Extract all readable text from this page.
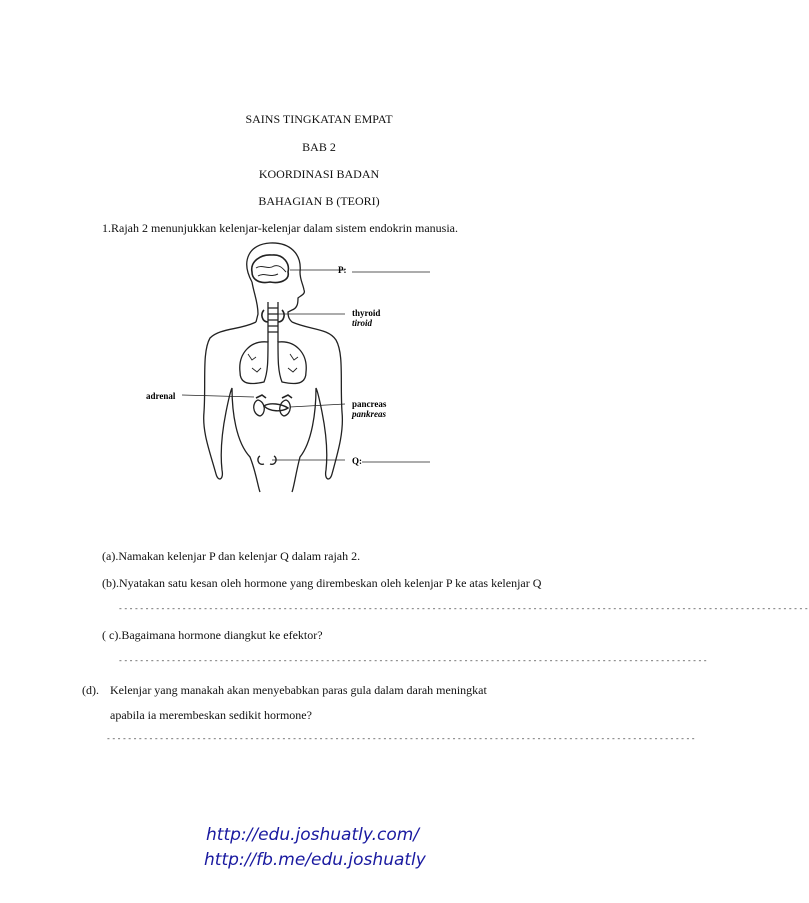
SAINS TINGKATAN EMPAT
BAB 2
KOORDINASI BADAN
BAHAGIAN B (TEORI)
1.Rajah 2 menunjukkan kelenjar-kelenjar dalam sistem endokrin manusia.
P:
thyroid
tiroid
adrenal
pancreas
pankreas
Q:
(a).Namakan kelenjar P dan kelenjar Q dalam rajah 2.
(b).Nyatakan satu kesan oleh hormone yang dirembeskan oleh kelenjar P ke atas kelenjar Q
----------------------------------------------------------------------------------------------------------------------------------
( c).Bagaimana hormone diangkut ke efektor?
---------------------------------------------------------------------------------------------------------------
(d). Kelenjar yang manakah akan menyebabkan paras gula dalam darah meningkat
apabila ia merembeskan sedikit hormone?
---------------------------------------------------------------------------------------------------------------
http://edu.joshuatly.com/
http://fb.me/edu.joshuatly
